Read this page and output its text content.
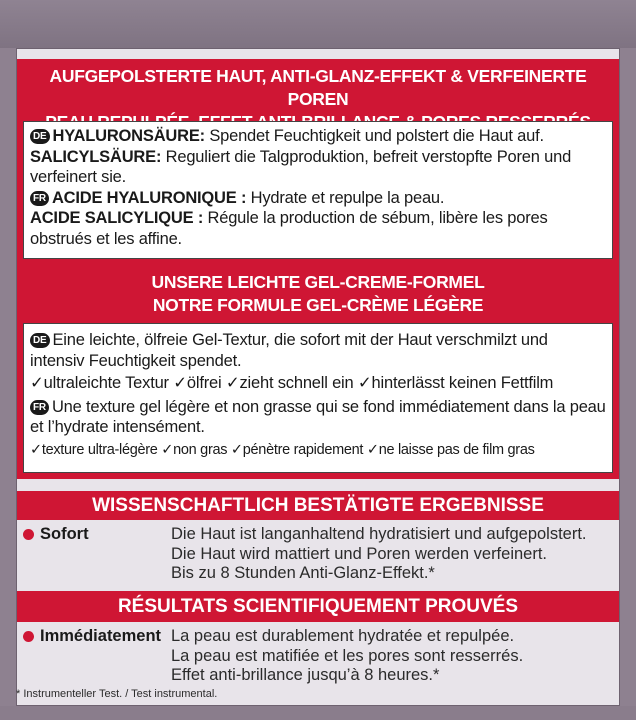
AUFGEPOLSTERTE HAUT, ANTI-GLANZ-EFFEKT & VERFEINERTE POREN
DE HYALURONSÄURE: Spendet Feuchtigkeit und polstert die Haut auf. SALICYLSÄURE: Reguliert die Talgproduktion, befreit verstopfte Poren und verfeinert sie.
FR ACIDE HYALURONIQUE : Hydrate et repulpe la peau.
ACIDE SALICYLIQUE : Régule la production de sébum, libère les pores obstrués et les affine.
UNSERE LEICHTE GEL-CREME-FORMEL
NOTRE FORMULE GEL-CRÈME LÉGÈRE
DE Eine leichte, ölfreie Gel-Textur, die sofort mit der Haut verschmilzt und intensiv Feuchtigkeit spendet.
✓ultraleichte Textur ✓ölfrei ✓zieht schnell ein ✓hinterlässt keinen Fettfilm
FR Une texture gel légère et non grasse qui se fond immédiatement dans la peau et l’hydrate intensément.
✓texture ultra-légère ✓non gras ✓pénètre rapidement ✓ne laisse pas de film gras
WISSENSCHAFTLICH BESTÄTIGTE ERGEBNISSE
Sofort	Die Haut ist langanhaltend hydratisiert und aufgepolstert.
Die Haut wird mattiert und Poren werden verfeinert.
Bis zu 8 Stunden Anti-Glanz-Effekt.*
RÉSULTATS SCIENTIFIQUEMENT PROUVÉS
Immédiatement La peau est durablement hydratée et repulpée.
La peau est matifiée et les pores sont resserrés.
Effet anti-brillance jusqu’à 8 heures.*
* Instrumenteller Test. / Test instrumental.
